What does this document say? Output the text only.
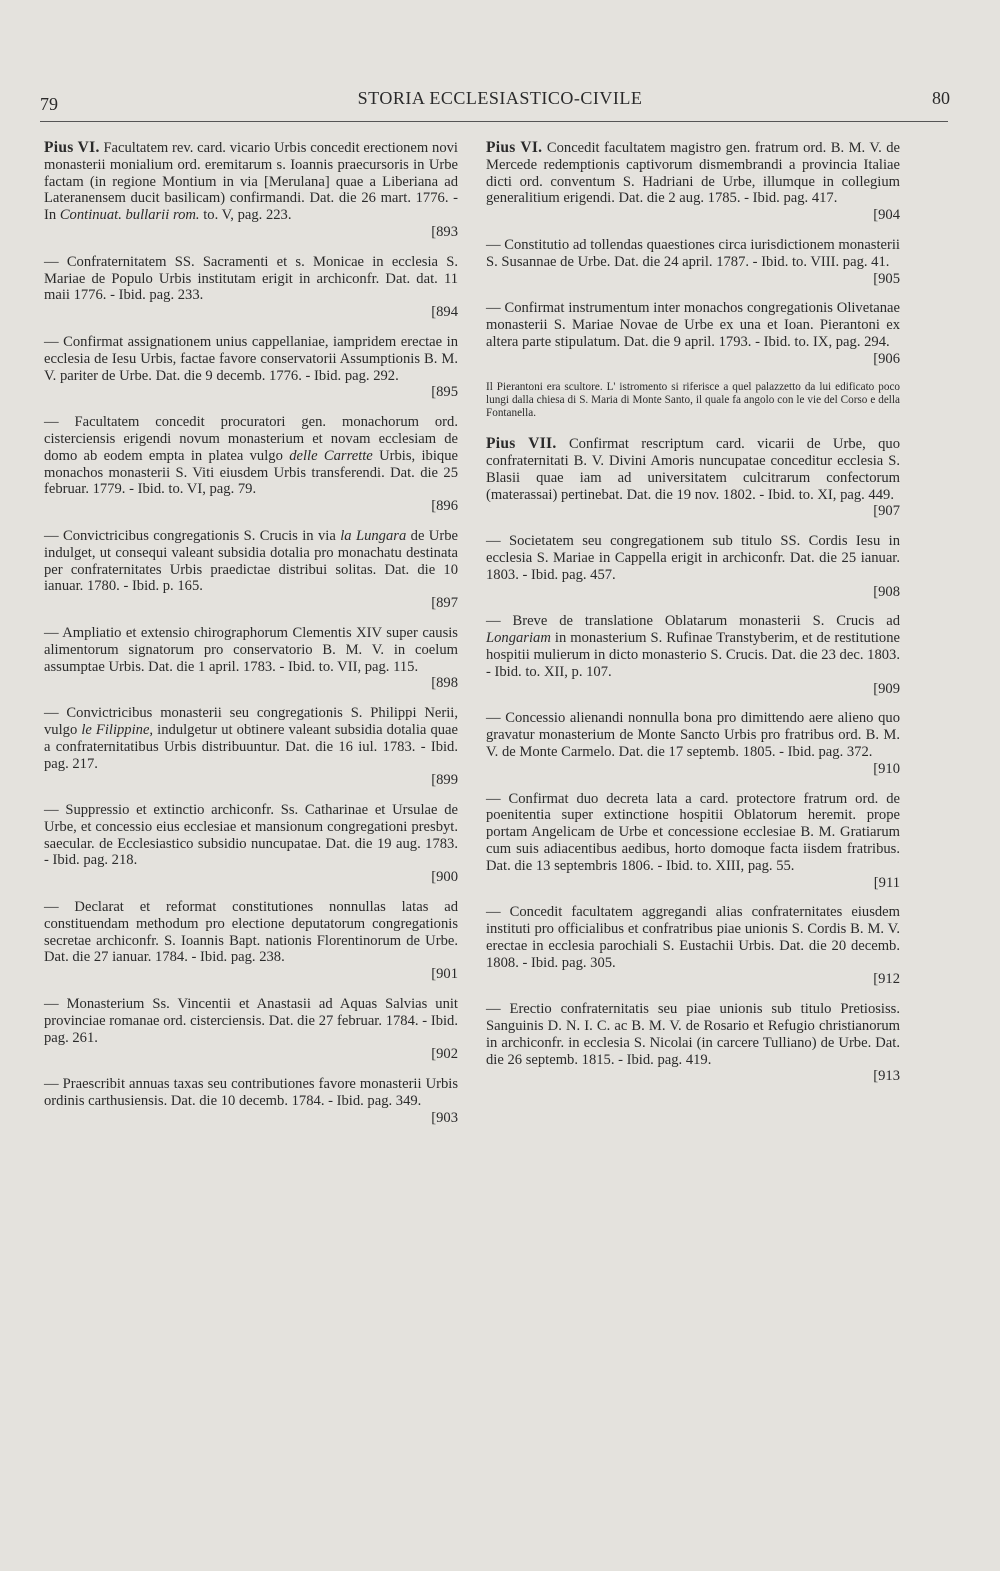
79	STORIA ECCLESIASTICO-CIVILE	80

Pius VI. Facultatem rev. card. vicario Urbis concedit erectionem novi monasterii monialium ord. eremitarum s. Ioannis praecursoris in Urbe factam (in regione Montium in via [Merulana] quae a Liberiana ad Lateranensem ducit basilicam) confirmandi. Dat. die 26 mart. 1776. - In Continuat. bullarii rom. to. V, pag. 223.
[893

— Confraternitatem SS. Sacramenti et s. Monicae in ecclesia S. Mariae de Populo Urbis institutam erigit in archiconfr. Dat. dat. 11 maii 1776. - Ibid. pag. 233.
[894

— Confirmat assignationem unius cappellaniae, iampridem erectae in ecclesia de Iesu Urbis, factae favore conservatorii Assumptionis B. M. V. pariter de Urbe. Dat. die 9 decemb. 1776. - Ibid. pag. 292.
[895

— Facultatem concedit procuratori gen. monachorum ord. cisterciensis erigendi novum monasterium et novam ecclesiam de domo ab eodem empta in platea vulgo delle Carrette Urbis, ibique monachos monasterii S. Viti eiusdem Urbis transferendi. Dat. die 25 februar. 1779. - Ibid. to. VI, pag. 79.
[896

— Convictricibus congregationis S. Crucis in via la Lungara de Urbe indulget, ut consequi valeant subsidia dotalia pro monachatu destinata per confraternitates Urbis praedictae distribui solitas. Dat. die 10 ianuar. 1780. - Ibid. p. 165.
[897

— Ampliatio et extensio chirographorum Clementis XIV super causis alimentorum signatorum pro conservatorio B. M. V. in coelum assumptae Urbis. Dat. die 1 april. 1783. - Ibid. to. VII, pag. 115.
[898

— Convictricibus monasterii seu congregationis S. Philippi Nerii, vulgo le Filippine, indulgetur ut obtinere valeant subsidia dotalia quae a confraternitatibus Urbis distribuuntur. Dat. die 16 iul. 1783. - Ibid. pag. 217.
[899

— Suppressio et extinctio archiconfr. Ss. Catharinae et Ursulae de Urbe, et concessio eius ecclesiae et mansionum congregationi presbyt. saecular. de Ecclesiastico subsidio nuncupatae. Dat. die 19 aug. 1783. - Ibid. pag. 218.
[900

— Declarat et reformat constitutiones nonnullas latas ad constituendam methodum pro electione deputatorum congregationis secretae archiconfr. S. Ioannis Bapt. nationis Florentinorum de Urbe. Dat. die 27 ianuar. 1784. - Ibid. pag. 238.
[901

— Monasterium Ss. Vincentii et Anastasii ad Aquas Salvias unit provinciae romanae ord. cisterciensis. Dat. die 27 februar. 1784. - Ibid. pag. 261.
[902

— Praescribit annuas taxas seu contributiones favore monasterii Urbis ordinis carthusiensis. Dat. die 10 decemb. 1784. - Ibid. pag. 349.
[903

Pius VI. Concedit facultatem magistro gen. fratrum ord. B. M. V. de Mercede redemptionis captivorum dismembrandi a provincia Italiae dicti ord. conventum S. Hadriani de Urbe, illumque in collegium generalitium erigendi. Dat. die 2 aug. 1785. - Ibid. pag. 417.
[904

— Constitutio ad tollendas quaestiones circa iurisdictionem monasterii S. Susannae de Urbe. Dat. die 24 april. 1787. - Ibid. to. VIII. pag. 41.
[905

— Confirmat instrumentum inter monachos congregationis Olivetanae monasterii S. Mariae Novae de Urbe ex una et Ioan. Pierantoni ex altera parte stipulatum. Dat. die 9 april. 1793. - Ibid. to. IX, pag. 294.
[906

Il Pierantoni era scultore. L' istromento si riferisce a quel palazzetto da lui edificato poco lungi dalla chiesa di S. Maria di Monte Santo, il quale fa angolo con le vie del Corso e della Fontanella.

Pius VII. Confirmat rescriptum card. vicarii de Urbe, quo confraternitati B. V. Divini Amoris nuncupatae conceditur ecclesia S. Blasii quae iam ad universitatem culcitrarum confectorum (materassai) pertinebat. Dat. die 19 nov. 1802. - Ibid. to. XI, pag. 449.
[907

— Societatem seu congregationem sub titulo SS. Cordis Iesu in ecclesia S. Mariae in Cappella erigit in archiconfr. Dat. die 25 ianuar. 1803. - Ibid. pag. 457.
[908

— Breve de translatione Oblatarum monasterii S. Crucis ad Longariam in monasterium S. Rufinae Transtyberim, et de restitutione hospitii mulierum in dicto monasterio S. Crucis. Dat. die 23 dec. 1803. - Ibid. to. XII, p. 107.
[909

— Concessio alienandi nonnulla bona pro dimittendo aere alieno quo gravatur monasterium de Monte Sancto Urbis pro fratribus ord. B. M. V. de Monte Carmelo. Dat. die 17 septemb. 1805. - Ibid. pag. 372.
[910

— Confirmat duo decreta lata a card. protectore fratrum ord. de poenitentia super extinctione hospitii Oblatorum heremit. prope portam Angelicam de Urbe et concessione ecclesiae B. M. Gratiarum cum suis adiacentibus aedibus, horto domoque facta iisdem fratribus. Dat. die 13 septembris 1806. - Ibid. to. XIII, pag. 55.
[911

— Concedit facultatem aggregandi alias confraternitates eiusdem instituti pro officialibus et confratribus piae unionis S. Cordis B. M. V. erectae in ecclesia parochiali S. Eustachii Urbis. Dat. die 20 decemb. 1808. - Ibid. pag. 305.
[912

— Erectio confraternitatis seu piae unionis sub titulo Pretiosiss. Sanguinis D. N. I. C. ac B. M. V. de Rosario et Refugio christianorum in archiconfr. in ecclesia S. Nicolai (in carcere Tulliano) de Urbe. Dat. die 26 septemb. 1815. - Ibid. pag. 419.
[913
